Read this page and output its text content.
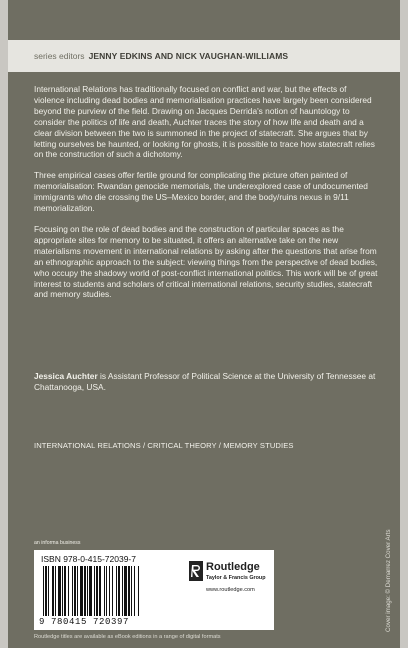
series editors JENNY EDKINS AND NICK VAUGHAN-WILLIAMS

International Relations has traditionally focused on conflict and war, but the effects of violence including dead bodies and memorialisation practices have largely been considered beyond the purview of the field. Drawing on Jacques Derrida's notion of hauntology to consider the politics of life and death, Auchter traces the story of how life and death and a clear division between the two is summoned in the project of statecraft. She argues that by letting ourselves be haunted, or looking for ghosts, it is possible to trace how statecraft relies on the construction of such a dichotomy.

Three empirical cases offer fertile ground for complicating the picture often painted of memorialisation: Rwandan genocide memorials, the underexplored case of undocumented immigrants who die crossing the US–Mexico border, and the body/ruins nexus in 9/11 memorialization.

Focusing on the role of dead bodies and the construction of particular spaces as the appropriate sites for memory to be situated, it offers an alternative take on the new materialisms movement in international relations by asking after the questions that arise from an ethnographic approach to the subject: viewing things from the perspective of dead bodies, who occupy the shadowy world of post-conflict international politics. This work will be of great interest to students and scholars of critical international relations, security studies, statecraft and memory studies.

Jessica Auchter is Assistant Professor of Political Science at the University of Tennessee at Chattanooga, USA.
INTERNATIONAL RELATIONS / CRITICAL THEORY / MEMORY STUDIES
Cover image: © Demarrez Cover Arts
an informa business
ISBN 978-0-415-72039-7
9 780415 720397
Routledge
Taylor & Francis Group
www.routledge.com
Routledge titles are available as eBook editions in a range of digital formats
